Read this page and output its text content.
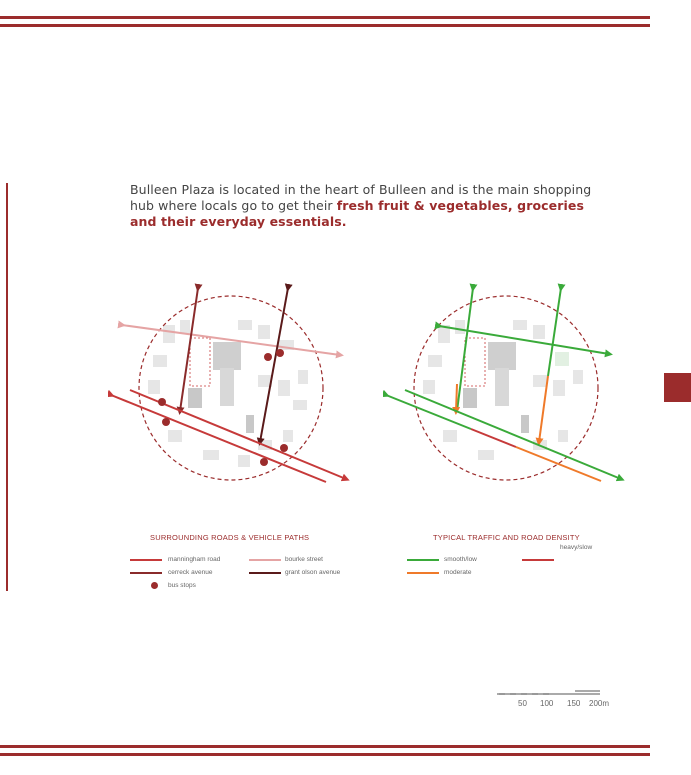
Bulleen Plaza is located in the heart of Bulleen and is the main shopping hub where locals go to get their fresh fruit & vegetables, groceries and their everyday essentials.
SURROUNDING ROADS & VEHICLE PATHS
manningham road	bourke street
cerreck avenue	grant olson avenue
bus stops
TYPICAL TRAFFIC AND ROAD DENSITY
smooth/low
heavy/slow
moderate
50 100 150 200m
